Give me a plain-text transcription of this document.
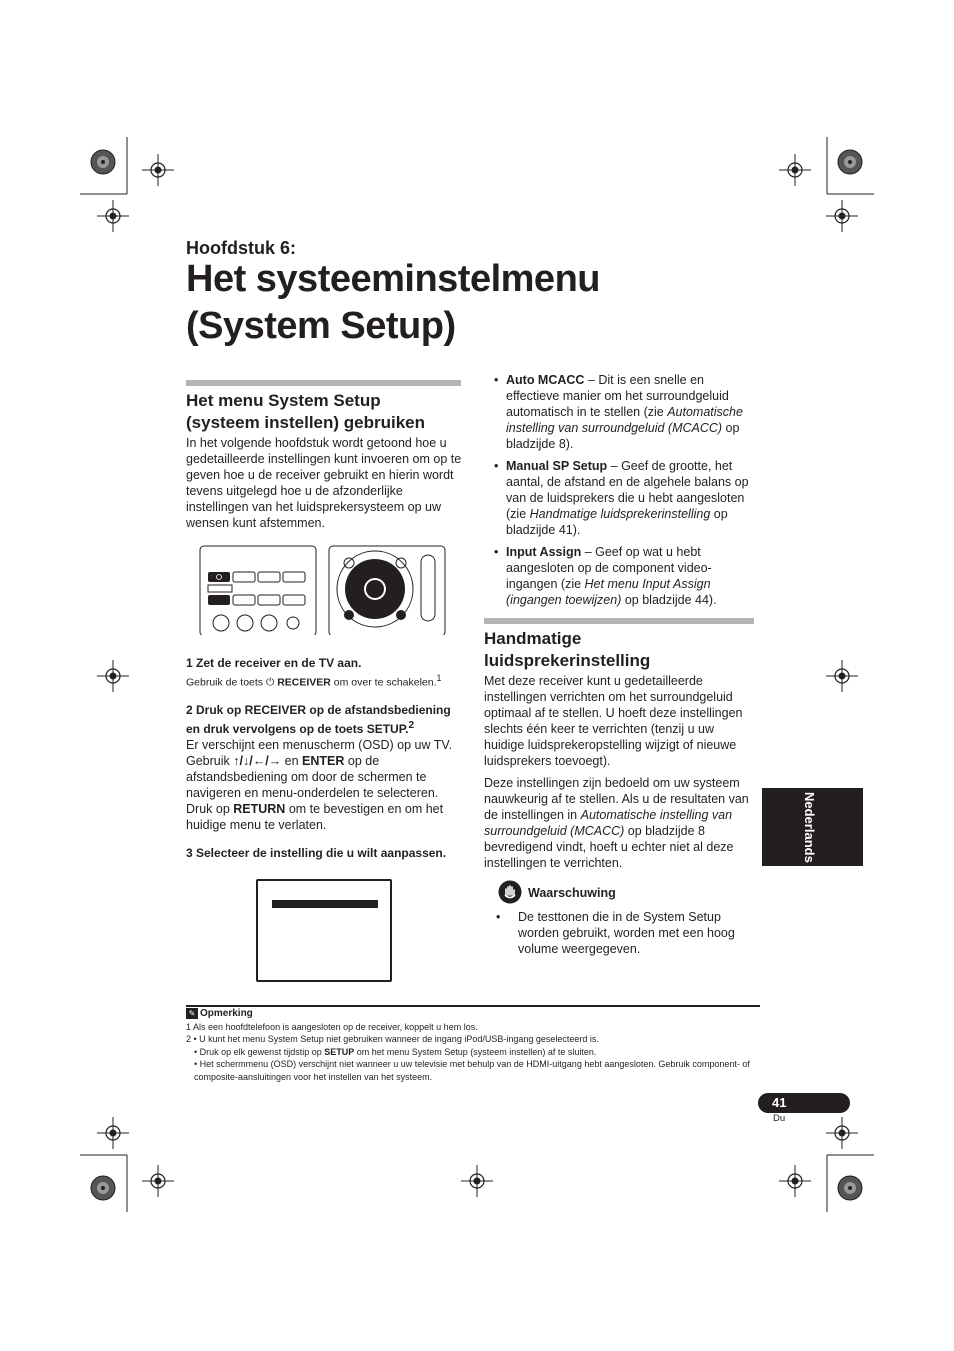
Hoofdstuk 6:
Het systeeminstelmenu
(System Setup)
Het menu System Setup
(systeem instellen) gebruiken

In het volgende hoofdstuk wordt getoond hoe u gedetailleerde instellingen kunt invoeren om op te geven hoe u de receiver gebruikt en hierin wordt tevens uitgelegd hoe u de afzonderlijke instellingen van het luidsprekersysteem op uw wensen kunt afstemmen.

1 Zet de receiver en de TV aan.

Gebruik de toets ⏻ RECEIVER om over te schakelen.$^1$

2 Druk op RECEIVER op de afstandsbediening en druk vervolgens op de toets SETUP.$^2$

Er verschijnt een menuscherm (OSD) op uw TV. Gebruik ↑/↓/←/→ en ENTER op de afstandsbediening om door de schermen te navigeren en menu-onderdelen te selecteren. Druk op RETURN om te bevestigen en om het huidige menu te verlaten.

3 Selecteer de instelling die u wilt aanpassen.

• Auto MCACC – Dit is een snelle en effectieve manier om het surroundgeluid automatisch in te stellen (zie Automatische instelling van surroundgeluid (MCACC) op bladzijde 8).
• Manual SP Setup – Geef de grootte, het aantal, de afstand en de algehele balans op van de luidsprekers die u hebt aangesloten (zie Handmatige luidsprekerinstelling op bladzijde 41).
• Input Assign – Geef op wat u hebt aangesloten op de component video-ingangen (zie Het menu Input Assign (ingangen toewijzen) op bladzijde 44).
Handmatige
luidsprekerinstelling

Met deze receiver kunt u gedetailleerde instellingen verrichten om het surroundgeluid optimaal af te stellen. U hoeft deze instellingen slechts één keer te verrichten (tenzij u uw huidige luidsprekeropstelling wijzigt of nieuwe luidsprekers toevoegt).

Deze instellingen zijn bedoeld om uw systeem nauwkeurig af te stellen. Als u de resultaten van de instellingen in Automatische instelling van surroundgeluid (MCACC) op bladzijde 8 bevredigend vindt, hoeft u echter niet al deze instellingen te verrichten.

Waarschuwing
• De testtonen die in de System Setup worden gebruikt, worden met een hoog volume weergegeven.
Nederlands
✎ Opmerking
1 Als een hoofdtelefoon is aangesloten op de receiver, koppelt u hem los.
2 • U kunt het menu System Setup niet gebruiken wanneer de ingang iPod/USB-ingang geselecteerd is.
• Druk op elk gewenst tijdstip op SETUP om het menu System Setup (systeem instellen) af te sluiten.
• Het schermmenu (OSD) verschijnt niet wanneer u uw televisie met behulp van de HDMI-uitgang hebt aangesloten. Gebruik component- of composite-aansluitingen voor het instellen van het systeem.
41
Du
